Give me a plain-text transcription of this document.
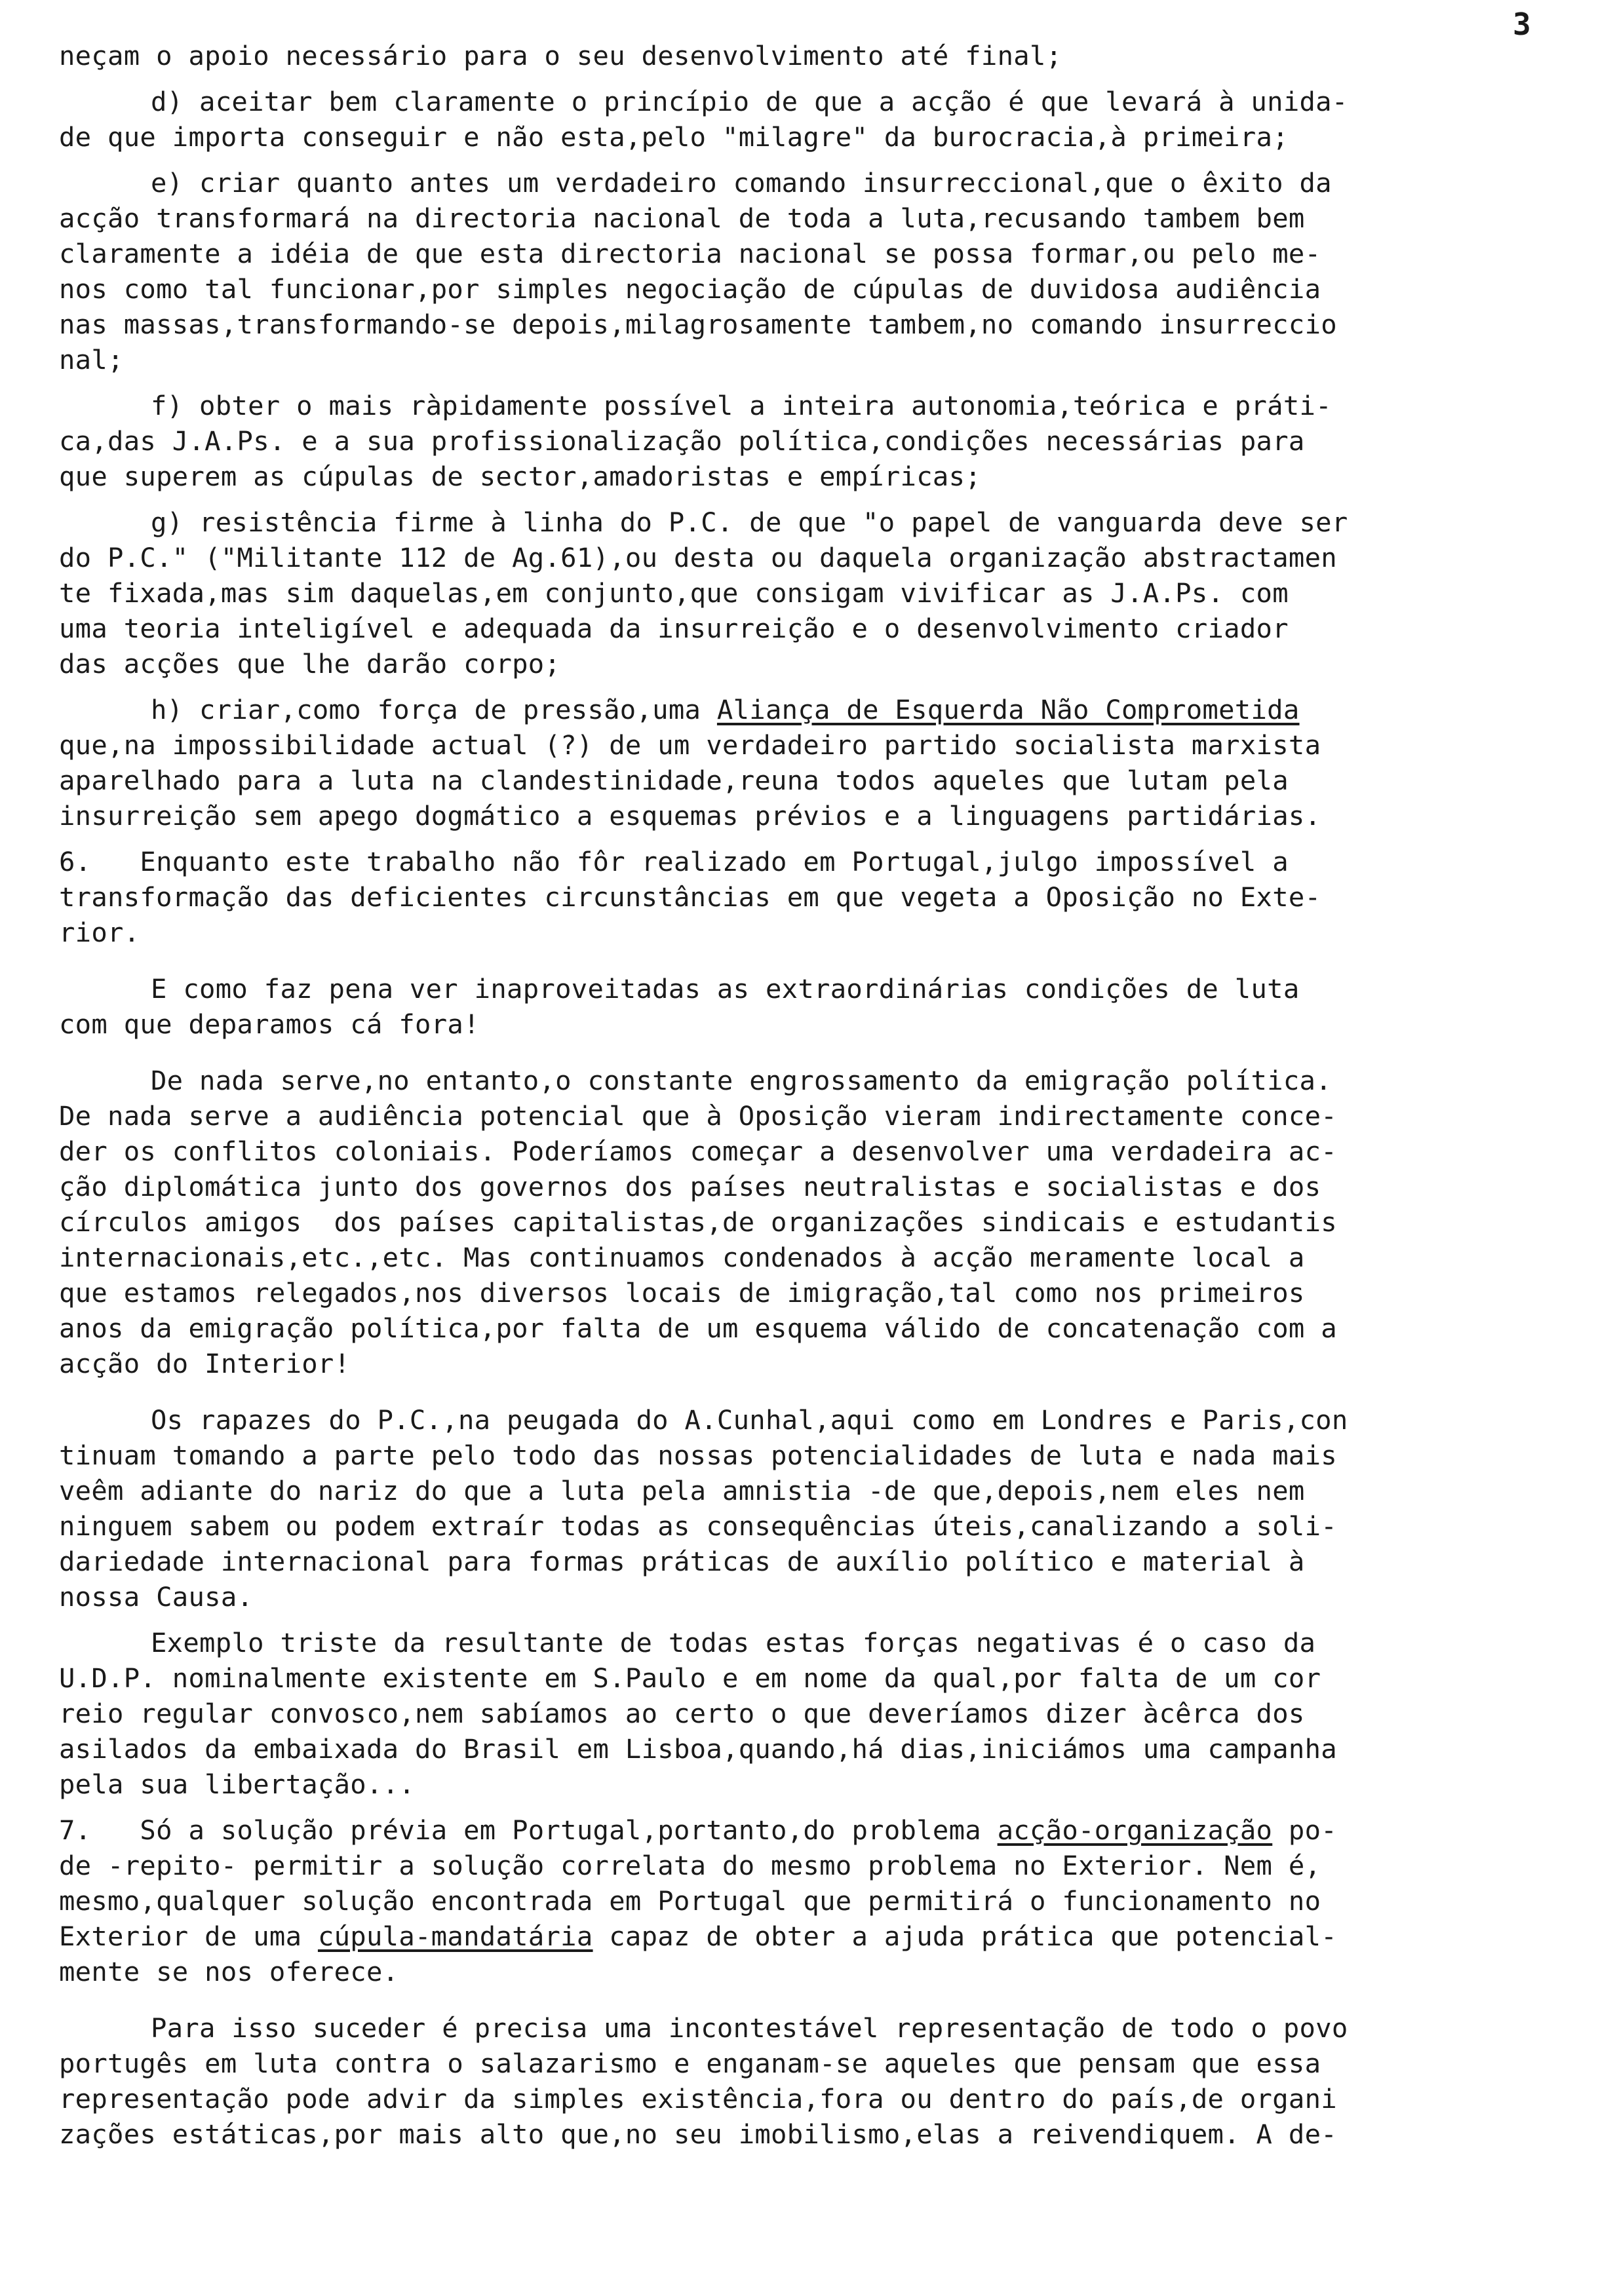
3

neçam o apoio necessário para o seu desenvolvimento até final;

d) aceitar bem claramente o princípio de que a acção é que levará à unida-
de que importa conseguir e não esta,pelo "milagre" da burocracia,à primeira;

e) criar quanto antes um verdadeiro comando insurreccional,que o êxito da
acção transformará na directoria nacional de toda a luta,recusando tambem bem
claramente a idéia de que esta directoria nacional se possa formar,ou pelo me-
nos como tal funcionar,por simples negociação de cúpulas de duvidosa audiência
nas massas,transformando-se depois,milagrosamente tambem,no comando insurreccio
nal;

f) obter o mais ràpidamente possível a inteira autonomia,teórica e práti-
ca,das J.A.Ps. e a sua profissionalização política,condições necessárias para
que superem as cúpulas de sector,amadoristas e empíricas;

g) resistência firme à linha do P.C. de que "o papel de vanguarda deve ser
do P.C." ("Militante 112 de Ag.61),ou desta ou daquela organização abstractamen
te fixada,mas sim daquelas,em conjunto,que consigam vivificar as J.A.Ps. com
uma teoria inteligível e adequada da insurreição e o desenvolvimento criador
das acções que lhe darão corpo;

h) criar,como força de pressão,uma Aliança de Esquerda Não Comprometida
que,na impossibilidade actual (?) de um verdadeiro partido socialista marxista
aparelhado para a luta na clandestinidade,reuna todos aqueles que lutam pela
insurreição sem apego dogmático a esquemas prévios e a linguagens partidárias.

6.   Enquanto este trabalho não fôr realizado em Portugal,julgo impossível a
transformação das deficientes circunstâncias em que vegeta a Oposição no Exte-
rior.

E como faz pena ver inaproveitadas as extraordinárias condições de luta
com que deparamos cá fora!

De nada serve,no entanto,o constante engrossamento da emigração política.
De nada serve a audiência potencial que à Oposição vieram indirectamente conce-
der os conflitos coloniais. Poderíamos começar a desenvolver uma verdadeira ac-
ção diplomática junto dos governos dos países neutralistas e socialistas e dos
círculos amigos  dos países capitalistas,de organizações sindicais e estudantis
internacionais,etc.,etc. Mas continuamos condenados à acção meramente local a
que estamos relegados,nos diversos locais de imigração,tal como nos primeiros
anos da emigração política,por falta de um esquema válido de concatenação com a
acção do Interior!

Os rapazes do P.C.,na peugada do A.Cunhal,aqui como em Londres e Paris,con
tinuam tomando a parte pelo todo das nossas potencialidades de luta e nada mais
veêm adiante do nariz do que a luta pela amnistia -de que,depois,nem eles nem
ninguem sabem ou podem extraír todas as consequências úteis,canalizando a soli-
dariedade internacional para formas práticas de auxílio político e material à
nossa Causa.

Exemplo triste da resultante de todas estas forças negativas é o caso da
U.D.P. nominalmente existente em S.Paulo e em nome da qual,por falta de um cor
reio regular convosco,nem sabíamos ao certo o que deveríamos dizer àcêrca dos
asilados da embaixada do Brasil em Lisboa,quando,há dias,iniciámos uma campanha
pela sua libertação...

7.   Só a solução prévia em Portugal,portanto,do problema acção-organização po-
de -repito- permitir a solução correlata do mesmo problema no Exterior. Nem é,
mesmo,qualquer solução encontrada em Portugal que permitirá o funcionamento no
Exterior de uma cúpula-mandatária capaz de obter a ajuda prática que potencial-
mente se nos oferece.

Para isso suceder é precisa uma incontestável representação de todo o povo
portugês em luta contra o salazarismo e enganam-se aqueles que pensam que essa
representação pode advir da simples existência,fora ou dentro do país,de organi
zações estáticas,por mais alto que,no seu imobilismo,elas a reivendiquem. A de-
